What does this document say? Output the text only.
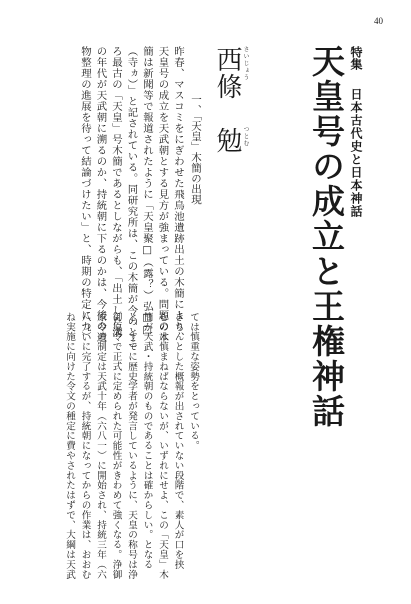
40
特集
日本古代史と日本神話
天皇号の成立と王権神話
さいじょう
つとむ
西條　勉
一、「天皇」木簡の出現
昨春、マスコミをにぎわせた飛鳥池遺跡出土の木簡により、
天皇号の成立を天武朝とする見方が強まっている。問題の木
簡は新聞等で報道されたように「天皇聚□（露？）弘□□
（寺ヵ）」と記されている。同研究所は、この木簡が今のとこ
ろ最古の「天皇」号木簡であるとしながらも、「出土した溝
の年代が天武朝に溯るのか、持統朝に下るのかは、今後の遺
物整理の進展を待って結論づけたい」と、時期の特定につい
ては慎重な姿勢をとっている。
きちんとした概報が出されていない段階で、素人が口を挟
むのは慎まねばならないが、いずれにせよ、この「天皇」木
簡が天武・持統朝のものであることは確からしい。となる
と、すでに歴史学者が発言しているように、天皇の称号は浄
御原令で正式に定められた可能性がきわめて強くなる。浄御
原令の制定は天武十年（六八一）に開始され、持統三年（六
八九）に完了するが、持統朝になってからの作業は、おおむ
ね実施に向けた令文の種定に費やされたはずで、大綱は天武
